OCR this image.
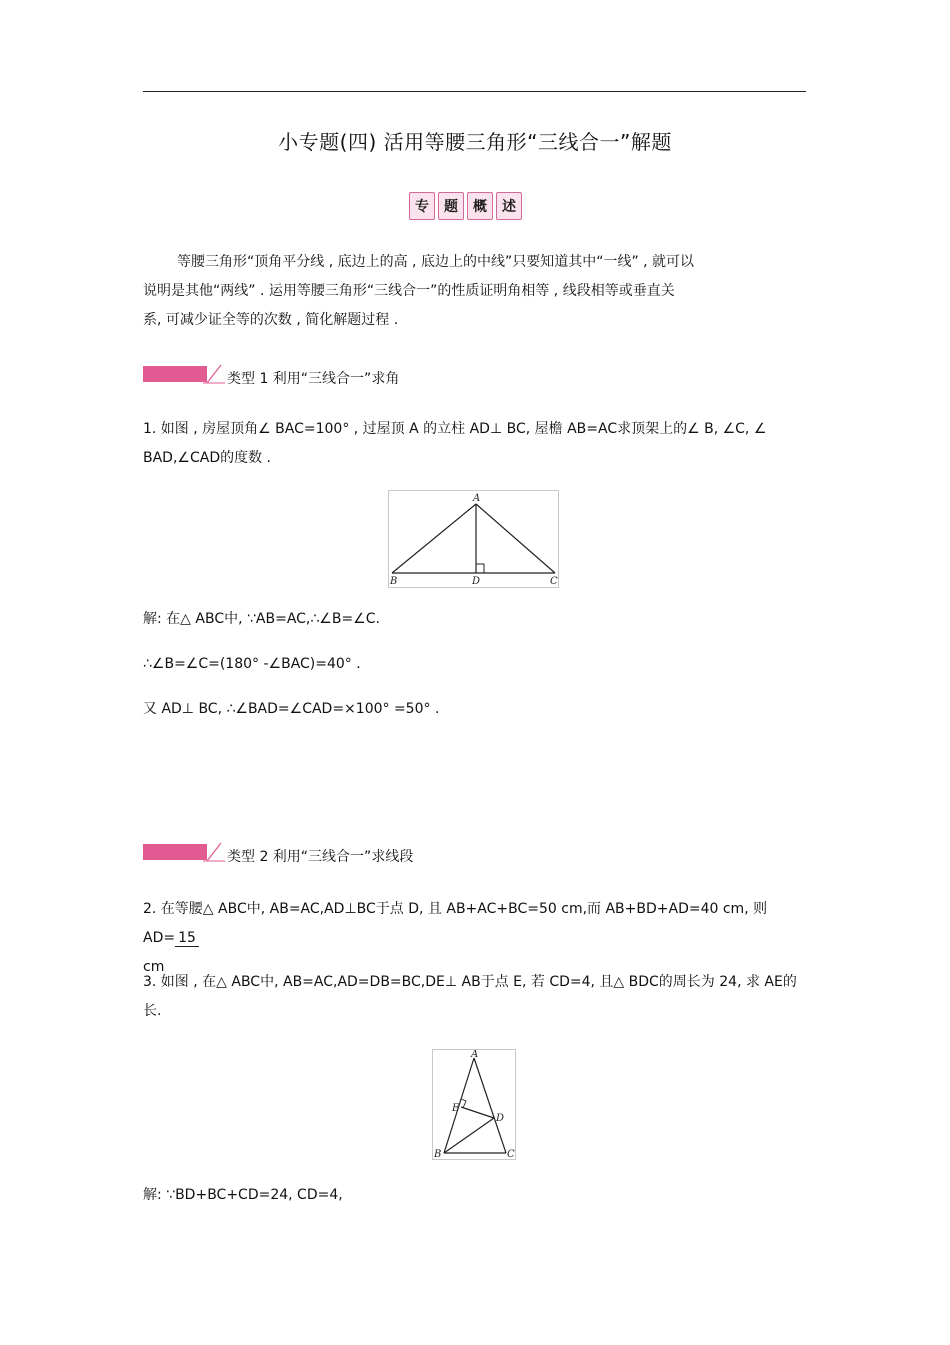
小专题(四) 活用等腰三角形“三线合一”解题
专	题	概	述
等腰三角形“顶角平分线 , 底边上的高 , 底边上的中线”只要知道其中“一线” , 就可以
说明是其他“两线” . 运用等腰三角形“三线合一”的性质证明角相等 , 线段相等或垂直关
系, 可减少证全等的次数 , 简化解题过程 .
类型 1 利用“三线合一”求角
1. 如图 , 房屋顶角∠ BAC=100° , 过屋顶 A 的立柱 AD⊥ BC, 屋檐 AB=AC求顶架上的∠ B, ∠C, ∠
BAD,∠CAD的度数 .
A
B	D	C
解: 在△ ABC中, ∵AB=AC,∴∠B=∠C.
∴∠B=∠C=(180° -∠BAC)=40° .
又 AD⊥ BC, ∴∠BAD=∠CAD=×100° =50° .
类型 2 利用“三线合一”求线段
2. 在等腰△ ABC中, AB=AC,AD⊥BC于点 D, 且 AB+AC+BC=50 cm,而 AB+BD+AD=40 cm, 则 AD= 15
cm
3. 如图 , 在△ ABC中, AB=AC,AD=DB=BC,DE⊥ AB于点 E, 若 CD=4, 且△ BDC的周长为 24, 求 AE的
长.
A
E
D
B	C
解: ∵BD+BC+CD=24, CD=4,
